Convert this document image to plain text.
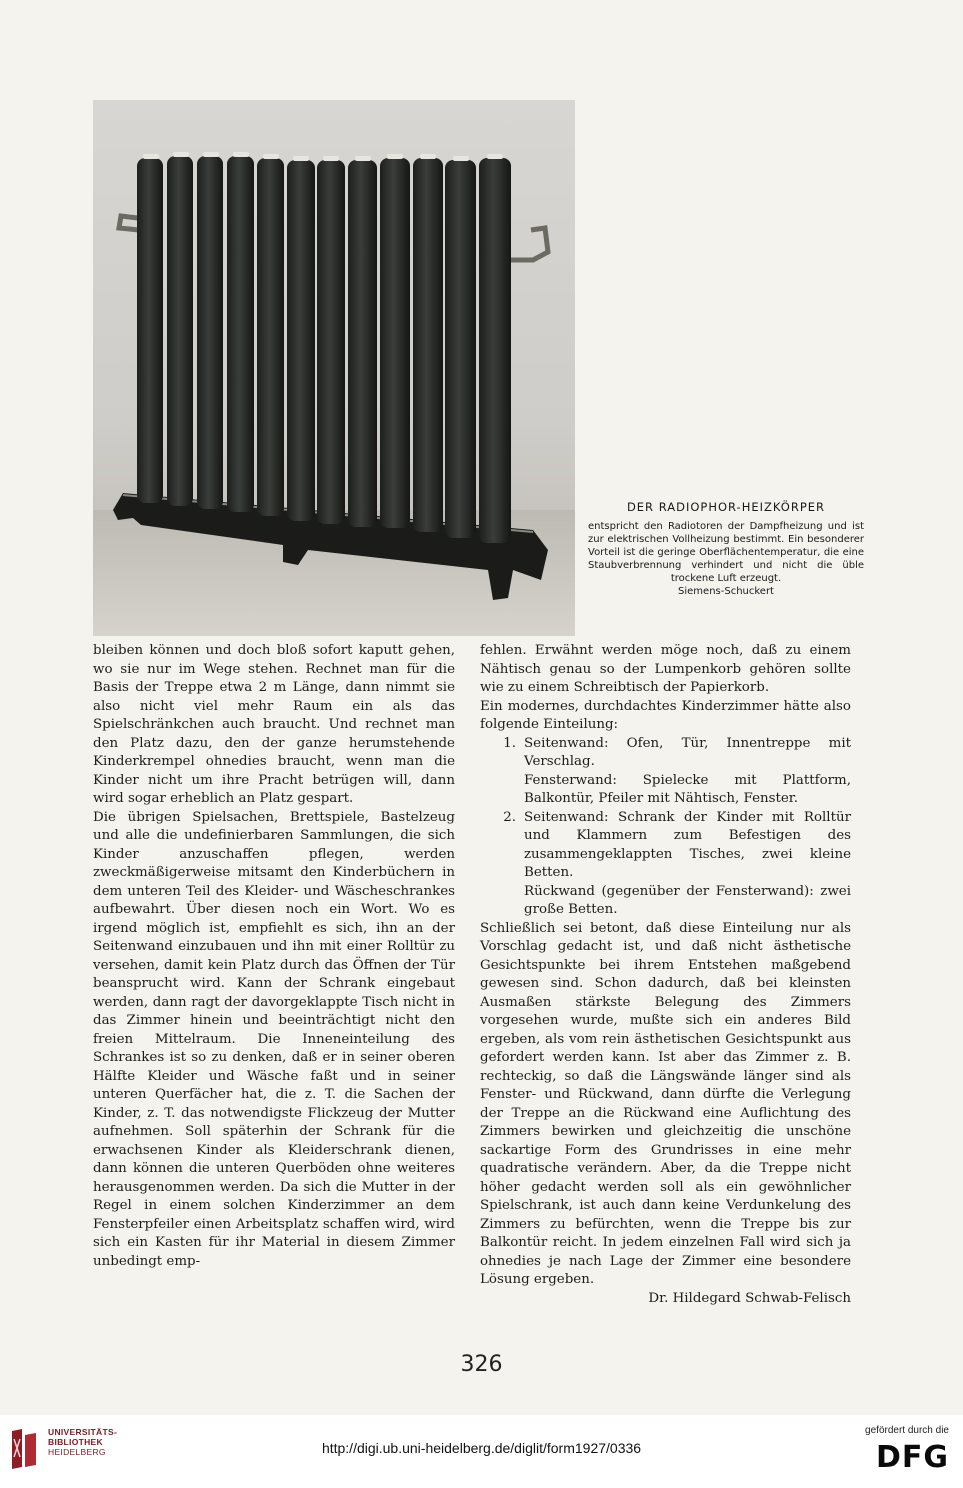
DER RADIOPHOR-HEIZKÖRPER
entspricht den Radiotoren der Dampfheizung und ist zur elektrischen Vollheizung bestimmt. Ein besonderer Vorteil ist die geringe Oberflächentemperatur, die eine Staubverbrennung verhindert und nicht die üble trockene Luft erzeugt.
Siemens-Schuckert

bleiben können und doch bloß sofort kaputt gehen, wo sie nur im Wege stehen. Rechnet man für die Basis der Treppe etwa 2 m Länge, dann nimmt sie also nicht viel mehr Raum ein als das Spielschränkchen auch braucht. Und rechnet man den Platz dazu, den der ganze herumstehende Kinderkrempel ohnedies braucht, wenn man die Kinder nicht um ihre Pracht betrügen will, dann wird sogar erheblich an Platz gespart.

Die übrigen Spielsachen, Brettspiele, Bastelzeug und alle die undefinierbaren Sammlungen, die sich Kinder anzuschaffen pflegen, werden zweckmäßigerweise mitsamt den Kinderbüchern in dem unteren Teil des Kleider- und Wäscheschrankes aufbewahrt. Über diesen noch ein Wort. Wo es irgend möglich ist, empfiehlt es sich, ihn an der Seitenwand einzubauen und ihn mit einer Rolltür zu versehen, damit kein Platz durch das Öffnen der Tür beansprucht wird. Kann der Schrank eingebaut werden, dann ragt der davorgeklappte Tisch nicht in das Zimmer hinein und beeinträchtigt nicht den freien Mittelraum. Die Inneneinteilung des Schrankes ist so zu denken, daß er in seiner oberen Hälfte Kleider und Wäsche faßt und in seiner unteren Querfächer hat, die z. T. die Sachen der Kinder, z. T. das notwendigste Flickzeug der Mutter aufnehmen. Soll späterhin der Schrank für die erwachsenen Kinder als Kleiderschrank dienen, dann können die unteren Querböden ohne weiteres herausgenommen werden. Da sich die Mutter in der Regel in einem solchen Kinderzimmer an dem Fensterpfeiler einen Arbeitsplatz schaffen wird, wird sich ein Kasten für ihr Material in diesem Zimmer unbedingt emp-

fehlen. Erwähnt werden möge noch, daß zu einem Nähtisch genau so der Lumpenkorb gehören sollte wie zu einem Schreibtisch der Papierkorb.

Ein modernes, durchdachtes Kinderzimmer hätte also folgende Einteilung:

1. Seitenwand: Ofen, Tür, Innentreppe mit Verschlag.

Fensterwand: Spielecke mit Plattform, Balkontür, Pfeiler mit Nähtisch, Fenster.

2. Seitenwand: Schrank der Kinder mit Rolltür und Klammern zum Befestigen des zusammengeklappten Tisches, zwei kleine Betten.

Rückwand (gegenüber der Fensterwand): zwei große Betten.

Schließlich sei betont, daß diese Einteilung nur als Vorschlag gedacht ist, und daß nicht ästhetische Gesichtspunkte bei ihrem Entstehen maßgebend gewesen sind. Schon dadurch, daß bei kleinsten Ausmaßen stärkste Belegung des Zimmers vorgesehen wurde, mußte sich ein anderes Bild ergeben, als vom rein ästhetischen Gesichtspunkt aus gefordert werden kann. Ist aber das Zimmer z. B. rechteckig, so daß die Längswände länger sind als Fenster- und Rückwand, dann dürfte die Verlegung der Treppe an die Rückwand eine Auflichtung des Zimmers bewirken und gleichzeitig die unschöne sackartige Form des Grundrisses in eine mehr quadratische verändern. Aber, da die Treppe nicht höher gedacht werden soll als ein gewöhnlicher Spielschrank, ist auch dann keine Verdunkelung des Zimmers zu befürchten, wenn die Treppe bis zur Balkontür reicht. In jedem einzelnen Fall wird sich ja ohnedies je nach Lage der Zimmer eine besondere Lösung ergeben.

Dr. Hildegard Schwab-Felisch

326
UNIVERSITÄTS-
BIBLIOTHEK
HEIDELBERG	http://digi.ub.uni-heidelberg.de/diglit/form1927/0336
gefördert durch die
DFG
